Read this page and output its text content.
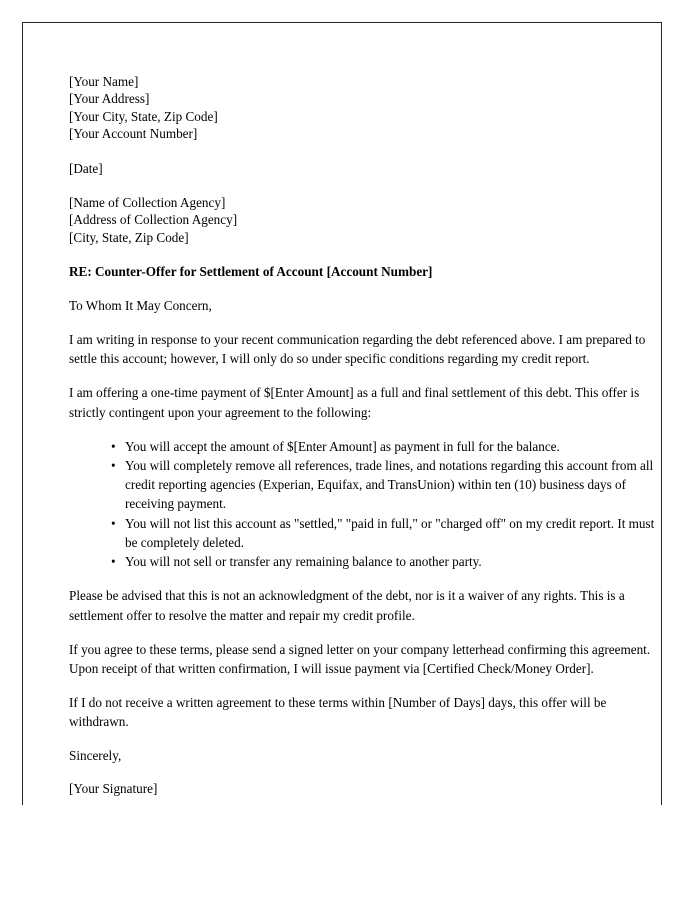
[Your Name]
[Your Address]
[Your City, State, Zip Code]
[Your Account Number]
[Date]
[Name of Collection Agency]
[Address of Collection Agency]
[City, State, Zip Code]

RE: Counter-Offer for Settlement of Account [Account Number]

To Whom It May Concern,

I am writing in response to your recent communication regarding the debt referenced above. I am prepared to settle this account; however, I will only do so under specific conditions regarding my credit report.

I am offering a one-time payment of $[Enter Amount] as a full and final settlement of this debt. This offer is strictly contingent upon your agreement to the following:

• You will accept the amount of $[Enter Amount] as payment in full for the balance.
• You will completely remove all references, trade lines, and notations regarding this account from all credit reporting agencies (Experian, Equifax, and TransUnion) within ten (10) business days of receiving payment.
• You will not list this account as "settled," "paid in full," or "charged off" on my credit report. It must be completely deleted.
• You will not sell or transfer any remaining balance to another party.

Please be advised that this is not an acknowledgment of the debt, nor is it a waiver of any rights. This is a settlement offer to resolve the matter and repair my credit profile.

If you agree to these terms, please send a signed letter on your company letterhead confirming this agreement. Upon receipt of that written confirmation, I will issue payment via [Certified Check/Money Order].

If I do not receive a written agreement to these terms within [Number of Days] days, this offer will be withdrawn.

Sincerely,

[Your Signature]
